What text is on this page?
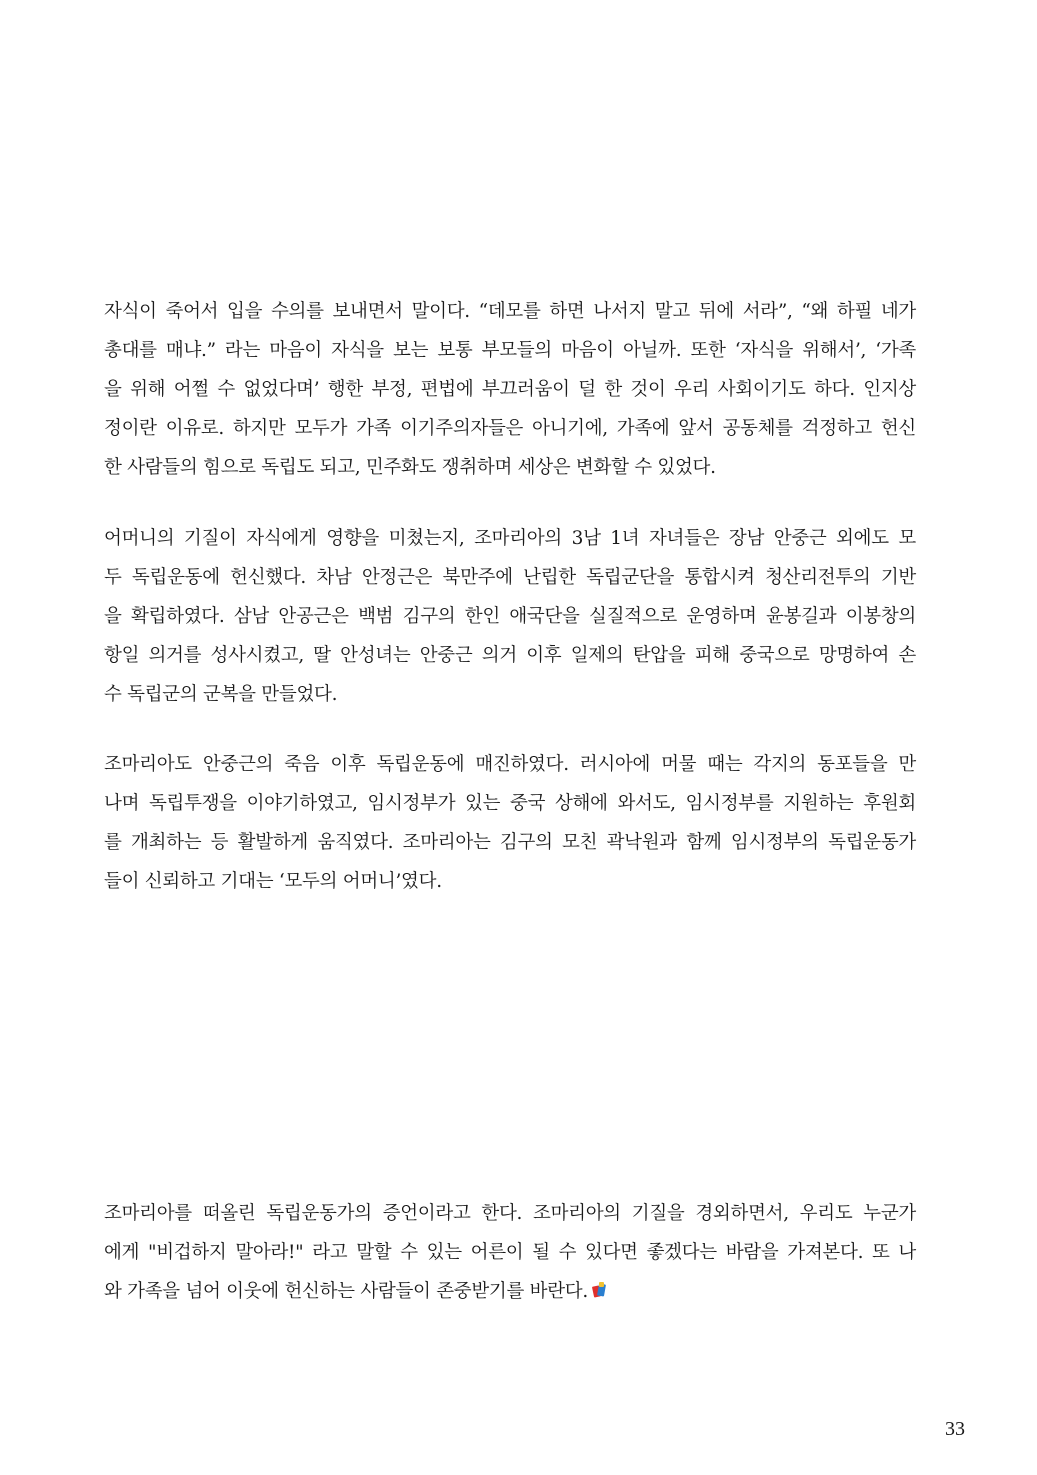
자식이 죽어서 입을 수의를 보내면서 말이다. “데모를 하면 나서지 말고 뒤에 서라”, “왜 하필 네가
총대를 매냐.” 라는 마음이 자식을 보는 보통 부모들의 마음이 아닐까. 또한 ‘자식을 위해서’, ‘가족
을 위해 어쩔 수 없었다며’ 행한 부정, 편법에 부끄러움이 덜 한 것이 우리 사회이기도 하다. 인지상
정이란 이유로. 하지만 모두가 가족 이기주의자들은 아니기에, 가족에 앞서 공동체를 걱정하고 헌신
한 사람들의 힘으로 독립도 되고, 민주화도 쟁취하며 세상은 변화할 수 있었다.
어머니의 기질이 자식에게 영향을 미쳤는지, 조마리아의 3남 1녀 자녀들은 장남 안중근 외에도 모
두 독립운동에 헌신했다. 차남 안정근은 북만주에 난립한 독립군단을 통합시켜 청산리전투의 기반
을 확립하였다. 삼남 안공근은 백범 김구의 한인 애국단을 실질적으로 운영하며 윤봉길과 이봉창의
항일 의거를 성사시켰고, 딸 안성녀는 안중근 의거 이후 일제의 탄압을 피해 중국으로 망명하여 손
수 독립군의 군복을 만들었다.
조마리아도 안중근의 죽음 이후 독립운동에 매진하였다. 러시아에 머물 때는 각지의 동포들을 만
나며 독립투쟁을 이야기하였고, 임시정부가 있는 중국 상해에 와서도, 임시정부를 지원하는 후원회
를 개최하는 등 활발하게 움직였다. 조마리아는 김구의 모친 곽낙원과 함께 임시정부의 독립운동가
들이 신뢰하고 기대는 ‘모두의 어머니’였다.
조마리아를 떠올린 독립운동가의 증언이라고 한다. 조마리아의 기질을 경외하면서, 우리도 누군가
에게 "비겁하지 말아라!" 라고 말할 수 있는 어른이 될 수 있다면 좋겠다는 바람을 가져본다. 또 나
와 가족을 넘어 이웃에 헌신하는 사람들이 존중받기를 바란다.
33
